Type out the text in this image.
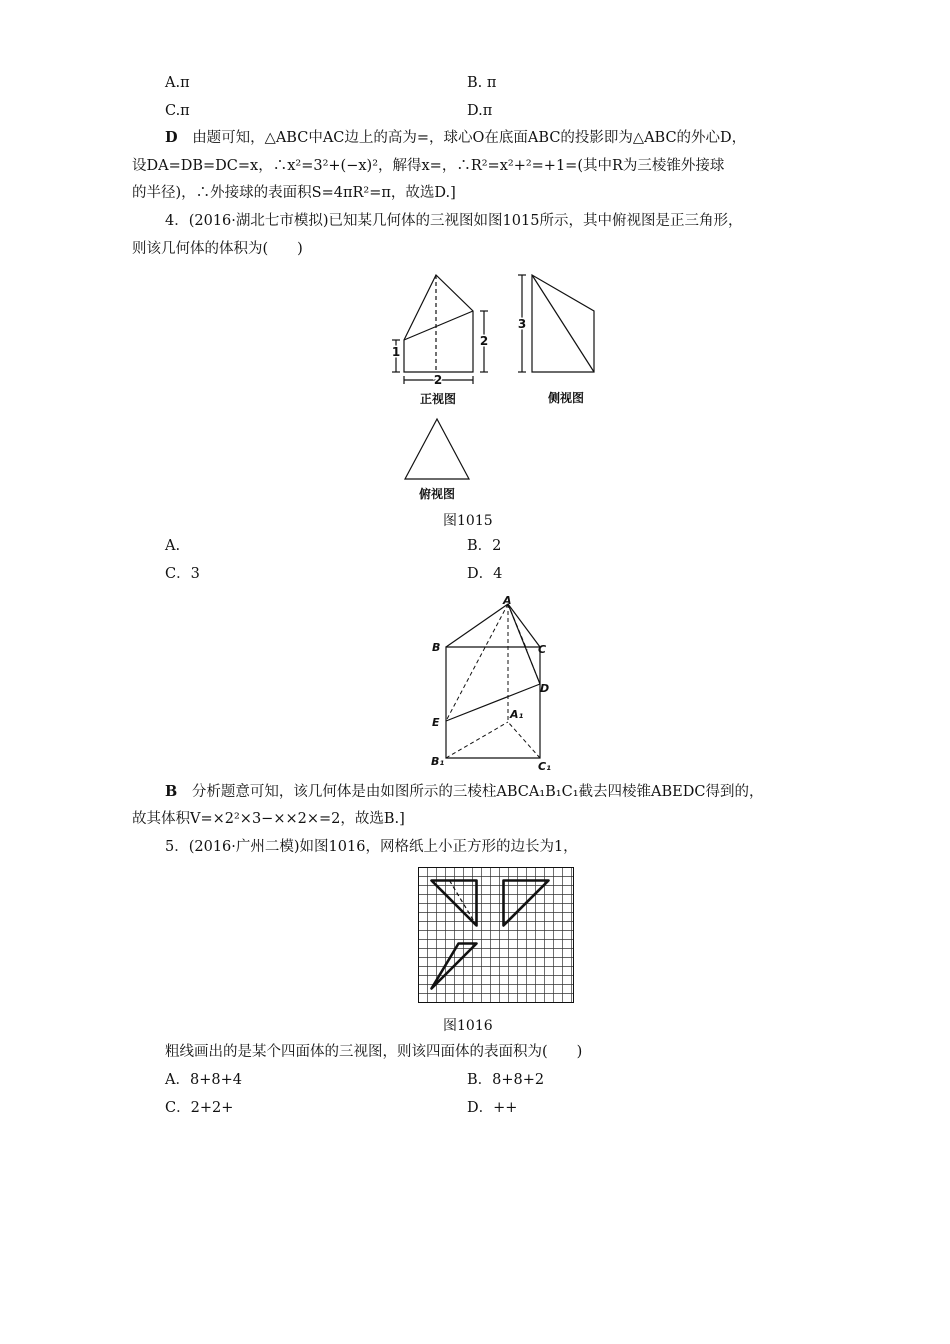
A.π	B. π
C.π	D.π
D 由题可知，△ABC中AC边上的高为=，球心O在底面ABC的投影即为△ABC的外心D，
设DA=DB=DC=x，∴x²=3²+(−x)²，解得x=，∴R²=x²+²=+1=(其中R为三棱锥外接球
的半径)，∴外接球的表面积S=4πR²=π，故选D.]
4．(2016·湖北七市模拟)已知某几何体的三视图如图1015所示，其中俯视图是正三角形，
则该几何体的体积为(　　)
1
2
2
正视图
3
侧视图
俯视图
图1015
A.	B．2
C．3	D．4
A
B	C
D
E
A₁
B₁	C₁
B 分析题意可知，该几何体是由如图所示的三棱柱ABCA₁B₁C₁截去四棱锥ABEDC得到的，
故其体积V=×2²×3−××2×=2，故选B.]
5．(2016·广州二模)如图1016，网格纸上小正方形的边长为1，
图1016
粗线画出的是某个四面体的三视图，则该四面体的表面积为(　　)
A．8+8+4	B．8+8+2
C．2+2+	D．++
